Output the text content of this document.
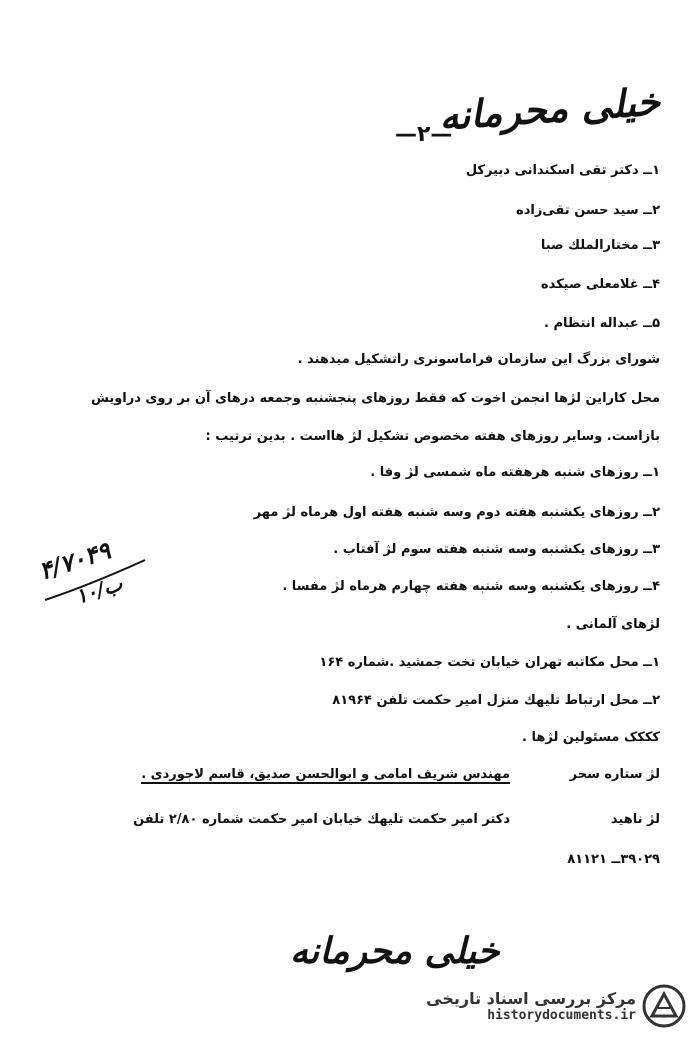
خیلی محرمانه
—۲—
۱ــ دکتر تقی اسکندانی دبیرکل
۲ــ سید حسن تقی‌زاده
۳ــ مختارالملك صبا
۴ــ غلامعلی صیکده
۵ــ عبداله انتظام .
شورای بزرگ این سازمان فراماسونری راتشکیل میدهند .
محل کاراین لژها انجمن اخوت که فقط روزهای پنجشنبه وجمعه درهای آن بر روی دراویش
بازاست. وسایر روزهای هفته مخصوص تشکیل لژ هااست . بدین ترتیب :
۱ــ روزهای شنبه هرهفته ماه شمسی لژ وفا .
۲ــ روزهای یکشنبه هفته دوم وسه شنبه هفته اول هرماه لژ مهر
۳ــ روزهای یکشنبه وسه شنبه هفته سوم لژ آفتاب .
۴ــ روزهای یکشنبه وسه شنبه هفته چهارم هرماه لژ مفسا .
لژهای آلمانی .
۱ــ محل مکاتبه تهران خیابان تخت جمشید .شماره ۱۶۴
۲ــ محل ارتباط تلیهك منزل امیر حكمت تلفن ۸۱۹۶۴
کککک مسئولین لژها .
لژ ستاره سحر
مهندس شریف امامی و ابوالحسن صدیق، قاسم لاجوردی .
لژ ناهید
دکتر امیر حکمت تلیهك خیابان امیر حکمت شماره ۲/۸۰ تلفن
۳۹۰۲۹ــ ۸۱۱۲۱
۴/۷۰۴۹
۱۰/ب
خیلی محرمانه
مرکز بررسی اسناد تاریخی
historydocuments.ir
